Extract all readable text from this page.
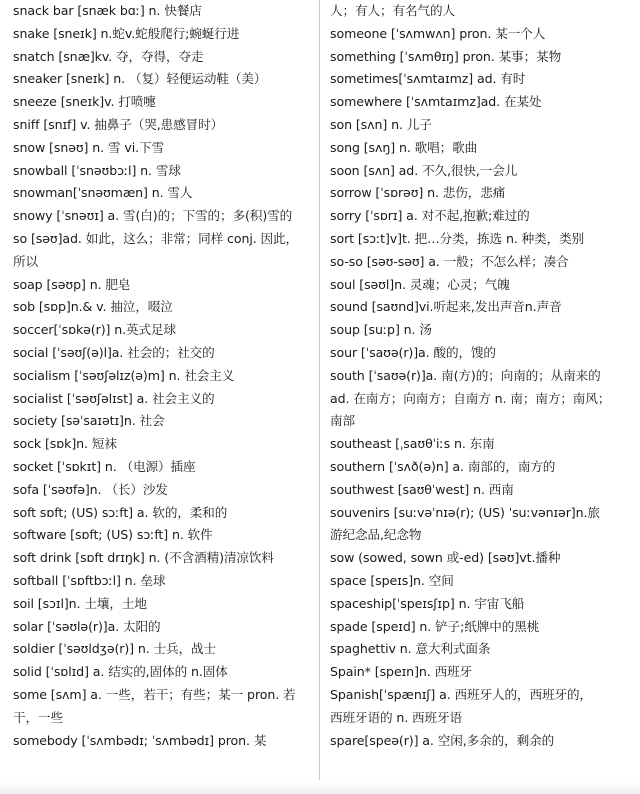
snack bar [snæk bɑː] n. 快餐店
snake [sneɪk] n.蛇v.蛇般爬行;蜿蜒行进
snatch [snæ]kv. 夺，夺得，夺走
sneaker [sneɪk] n. （复）轻便运动鞋（美）
sneeze [sneɪk]v. 打喷嚏
sniff [snɪf] v. 抽鼻子（哭,患感冒时）
snow [snəʊ] n. 雪 vi.下雪
snowball [ˈsnəʊbɔːl] n. 雪球
snowman[ˈsnəʊmæn] n. 雪人
snowy [ˈsnəʊɪ] a. 雪(白)的；下雪的；多(积)雪的
so [səʊ]ad. 如此，这么；非常；同样 conj. 因此，
所以
soap [səʊp] n. 肥皂
sob [sɒp]n.& v. 抽泣，啜泣
soccer[ˈsɒkə(r)] n.英式足球
social [ˈsəʊʃ(ə)l]a. 社会的；社交的
socialism [ˈsəʊʃəlɪz(ə)m] n. 社会主义
socialist [ˈsəʊʃəlɪst] a. 社会主义的
society [səˈsaɪətɪ]n. 社会
sock [sɒk]n. 短袜
socket [ˈsɒkɪt] n. （电源）插座
sofa [ˈsəʊfə]n. （长）沙发
soft sɒft; (US) sɔːft] a. 软的，柔和的
software [sɒft; (US) sɔːft] n. 软件
soft drink [sɒft drɪŋk] n. (不含酒精)清凉饮料
softball [ˈsɒftbɔːl] n. 垒球
soil [sɔɪl]n. 土壤，土地
solar [ˈsəʊlə(r)]a. 太阳的
soldier [ˈsəʊldʒə(r)] n. 士兵，战士
solid [ˈsɒlɪd] a. 结实的,固体的 n.固体
some [sʌm] a. 一些，若干；有些；某一 pron. 若
干，一些
somebody [ˈsʌmbədɪ; ˈsʌmbədɪ] pron. 某
人；有人；有名气的人
someone [ˈsʌmwʌn] pron. 某一个人
something [ˈsʌmθɪŋ] pron. 某事；某物
sometimes[ˈsʌmtaɪmz] ad. 有时
somewhere [ˈsʌmtaɪmz]ad. 在某处
son [sʌn] n. 儿子
song [sʌŋ] n. 歌唱；歌曲
soon [sʌn] ad. 不久,很快,一会儿
sorrow [ˈsɒrəʊ] n. 悲伤，悲痛
sorry [ˈsɒrɪ] a. 对不起,抱歉;难过的
sort [sɔːt]v]t. 把…分类，拣选 n. 种类，类别
so-so [səʊ-səʊ] a. 一般；不怎么样；凑合
soul [səʊl]n. 灵魂；心灵；气魄
sound [saʊnd]vi.听起来,发出声音n.声音
soup [suːp] n. 汤
sour [ˈsaʊə(r)]a. 酸的，馊的
south [ˈsaʊə(r)]a. 南(方)的；向南的；从南来的
ad. 在南方；向南方；自南方 n. 南；南方；南风；
南部
southeast [ˌsaʊθˈiːs n. 东南
southern [ˈsʌð(ə)n] a. 南部的，南方的
southwest [saʊθˈwest] n. 西南
souvenirs [suːvəˈnɪə(r); (US) ˈsuːvənɪər]n.旅
游纪念品,纪念物
sow (sowed, sown 或-ed) [səʊ]vt.播种
space [speɪs]n. 空间
spaceship[ˈspeɪsʃɪp] n. 宇宙飞船
spade [speɪd] n. 铲子;纸牌中的黑桃
spaghettiv n. 意大利式面条
Spain* [speɪn]n. 西班牙
Spanish[ˈspænɪʃ] a. 西班牙人的，西班牙的，
西班牙语的 n. 西班牙语
spare[speə(r)] a. 空闲,多余的，剩余的
